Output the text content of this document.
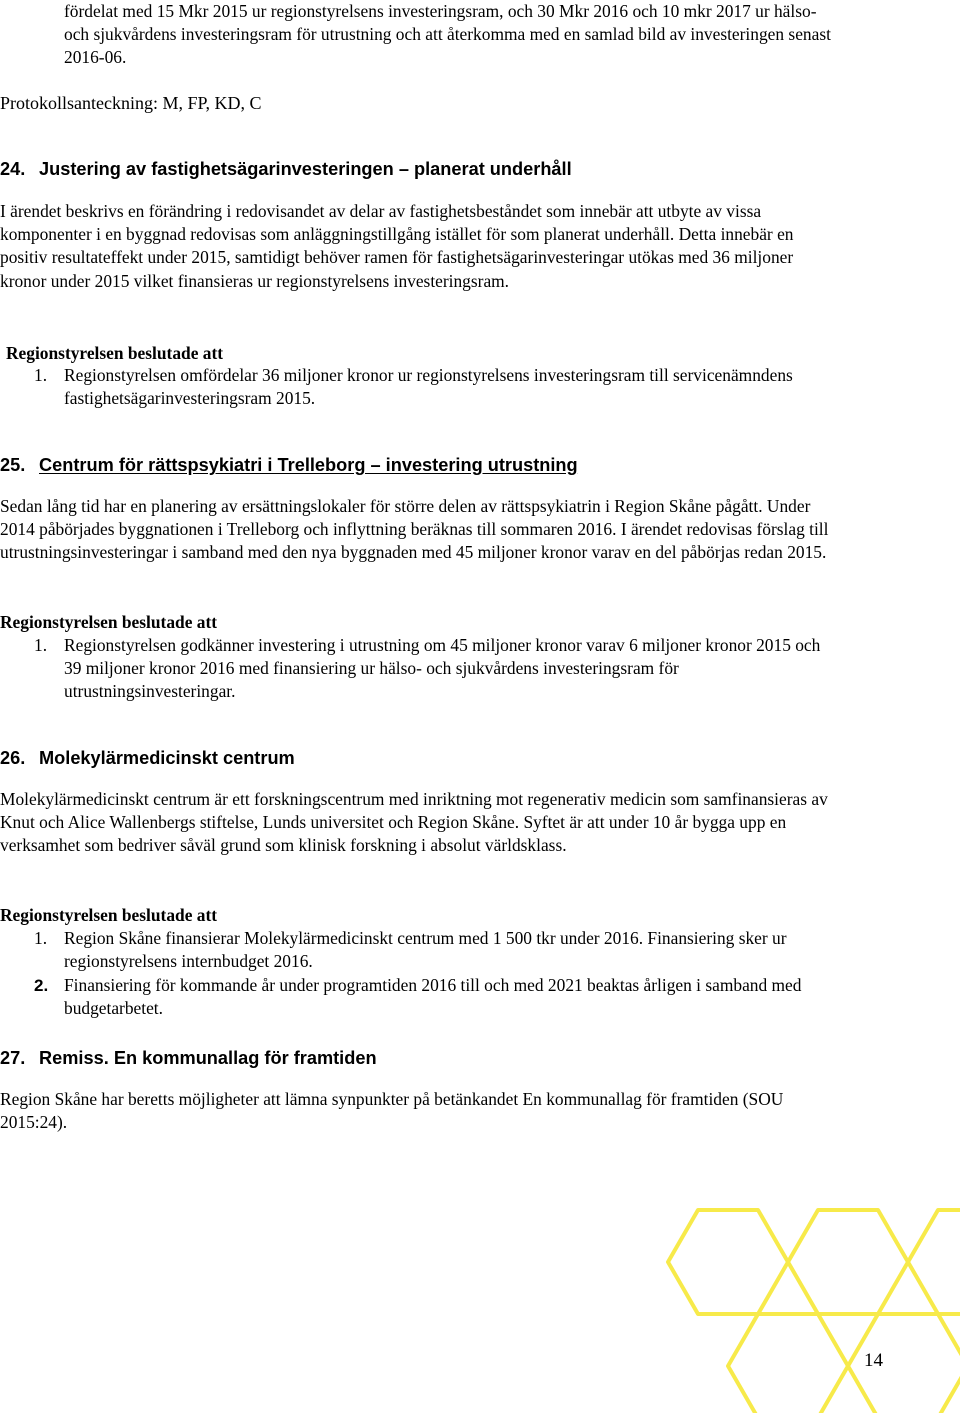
fördelat med 15 Mkr 2015 ur regionstyrelsens investeringsram, och 30 Mkr 2016 och 10 mkr 2017 ur hälso- och sjukvårdens investeringsram för utrustning och att återkomma med en samlad bild av investeringen senast 2016-06.

Protokollsanteckning: M, FP, KD, C

24. Justering av fastighetsägarinvesteringen – planerat underhåll

I ärendet beskrivs en förändring i redovisandet av delar av fastighetsbeståndet som innebär att utbyte av vissa komponenter i en byggnad redovisas som anläggningstillgång istället för som planerat underhåll. Detta innebär en positiv resultateffekt under 2015, samtidigt behöver ramen för fastighetsägarinvesteringar utökas med 36 miljoner kronor under 2015 vilket finansieras ur regionstyrelsens investeringsram.

Regionstyrelsen beslutade att

1. Regionstyrelsen omfördelar 36 miljoner kronor ur regionstyrelsens investeringsram till servicenämndens fastighetsägarinvesteringsram 2015.
25. Centrum för rättspsykiatri i Trelleborg – investering utrustning

Sedan lång tid har en planering av ersättningslokaler för större delen av rättspsykiatrin i Region Skåne pågått. Under 2014 påbörjades byggnationen i Trelleborg och inflyttning beräknas till sommaren 2016. I ärendet redovisas förslag till utrustningsinvesteringar i samband med den nya byggnaden med 45 miljoner kronor varav en del påbörjas redan 2015.

Regionstyrelsen beslutade att

1. Regionstyrelsen godkänner investering i utrustning om 45 miljoner kronor varav 6 miljoner kronor 2015 och 39 miljoner kronor 2016 med finansiering ur hälso- och sjukvårdens investeringsram för utrustningsinvesteringar.
26. Molekylärmedicinskt centrum

Molekylärmedicinskt centrum är ett forskningscentrum med inriktning mot regenerativ medicin som samfinansieras av Knut och Alice Wallenbergs stiftelse, Lunds universitet och Region Skåne. Syftet är att under 10 år bygga upp en verksamhet som bedriver såväl grund som klinisk forskning i absolut världsklass.

Regionstyrelsen beslutade att

1. Region Skåne finansierar Molekylärmedicinskt centrum med 1 500 tkr under 2016. Finansiering sker ur regionstyrelsens internbudget 2016.
2. Finansiering för kommande år under programtiden 2016 till och med 2021 beaktas årligen i samband med budgetarbetet.
27. Remiss. En kommunallag för framtiden

Region Skåne har beretts möjligheter att lämna synpunkter på betänkandet En kommunallag för framtiden (SOU 2015:24).

14
